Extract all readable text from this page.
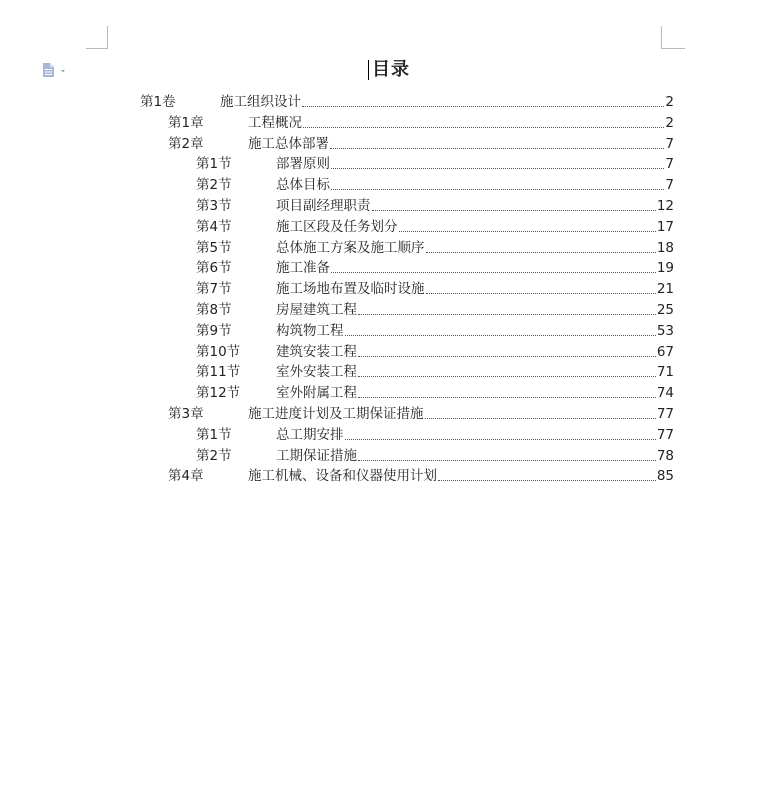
目录
第1卷	施工组织设计	2
第1章	工程概况	2
第2章	施工总体部署	7
第1节	部署原则	7
第2节	总体目标	7
第3节	项目副经理职责	12
第4节	施工区段及任务划分	17
第5节	总体施工方案及施工顺序	18
第6节	施工准备	19
第7节	施工场地布置及临时设施	21
第8节	房屋建筑工程	25
第9节	构筑物工程	53
第10节	建筑安装工程	67
第11节	室外安装工程	71
第12节	室外附属工程	74
第3章	施工进度计划及工期保证措施	77
第1节	总工期安排	77
第2节	工期保证措施	78
第4章	施工机械、设备和仪器使用计划	85
